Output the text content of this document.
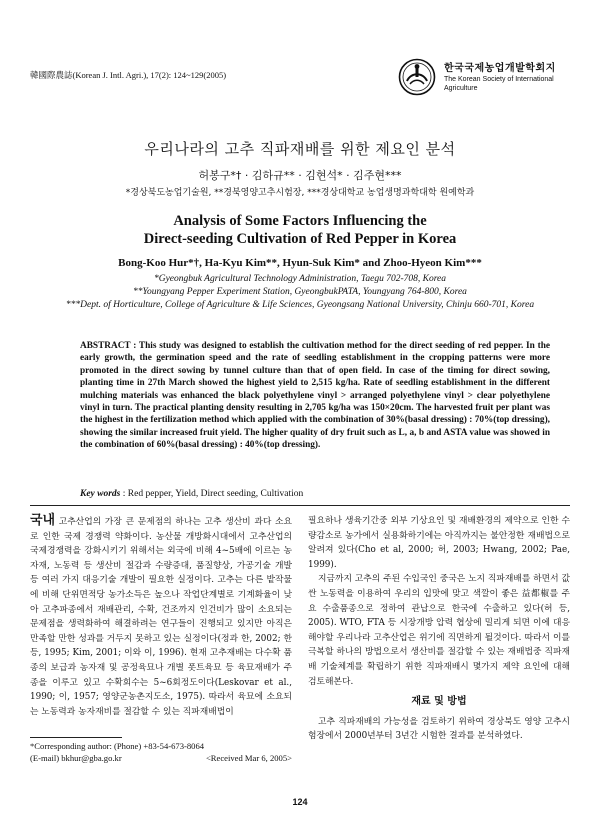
韓國際農誌(Korean J. Intl. Agri.), 17(2): 124~129(2005)
한국국제농업개발학회지
The Korean Society of International Agriculture
우리나라의 고추 직파재배를 위한 제요인 분석
허봉구*† · 김하규** · 김현석* · 김주현***
*경상북도농업기술원, **경북영양고추시험장, ***경상대학교 농업생명과학대학 원예학과
Analysis of Some Factors Influencing the
Direct-seeding Cultivation of Red Pepper in Korea
Bong-Koo Hur*†, Ha-Kyu Kim**, Hyun-Suk Kim* and Zhoo-Hyeon Kim***
*Gyeongbuk Agricultural Technology Administration, Taegu 702-708, Korea
**Youngyang Pepper Experiment Station, GyeongbukPATA, Youngyang 764-800, Korea
***Dept. of Horticulture, College of Agriculture & Life Sciences, Gyeongsang National University, Chinju 660-701, Korea
ABSTRACT : This study was designed to establish the cultivation method for the direct seeding of red pepper. In the early growth, the germination speed and the rate of seedling establishment in the cropping patterns were more promoted in the direct sowing by tunnel culture than that of open field. In case of the timing for direct sowing, planting time in 27th March showed the highest yield to 2,515 kg/ha. Rate of seedling establishment in the different mulching materials was enhanced the black polyethylene vinyl > arranged polyethylene vinyl > clear polyethylene vinyl in turn. The practical planting density resulting in 2,705 kg/ha was 150×20cm. The harvested fruit per plant was the highest in the fertilization method which applied with the combination of 30%(basal dressing) : 70%(top dressing), showing the similar increased fruit yield. The higher quality of dry fruit such as L, a, b and ASTA value was showed in the combination of 60%(basal dressing) : 40%(top dressing).
Key words : Red pepper, Yield, Direct seeding, Cultivation

국내 고추산업의 가장 큰 문제점의 하나는 고추 생산비 과다 소요로 인한 국제 경쟁력 약화이다. 농산물 개방화시대에서 고추산업의 국제경쟁력을 강화시키기 위해서는 외국에 비해 4~5배에 이르는 농자재, 노동력 등 생산비 절감과 수량증대, 품질향상, 가공기술 개발 등 여러 가지 대응기술 개발이 필요한 실정이다. 고추는 다른 밭작물에 비해 단위면적당 농가소득은 높으나 작업단계별로 기계화율이 낮아 고추파종에서 재배관리, 수확, 건조까지 인건비가 많이 소요되는 문제점을 생력화하여 해결하려는 연구들이 진행되고 있지만 아직은 만족할 만한 성과를 거두지 못하고 있는 실정이다(정과 한, 2002; 한 등, 1995; Kim, 2001; 이와 이, 1996). 현재 고추재배는 다수확 품종의 보급과 농자재 및 공정육묘나 개별 폿트육묘 등 육묘재배가 주종을 이루고 있고 수확회수는 5~6회정도이다(Leskovar et al., 1990; 이, 1957; 영양군농촌지도소, 1975). 따라서 육묘에 소요되는 노동력과 농자재비를 절감할 수 있는 직파재배법이

필요하나 생육기간중 외부 기상요인 및 재배환경의 제약으로 인한 수량감소로 농가에서 실용화하기에는 아직까지는 불안정한 재배법으로 알려져 있다(Cho et al, 2000; 허, 2003; Hwang, 2002; Pae, 1999).

지금까지 고추의 주된 수입국인 중국은 노지 직파재배를 하면서 값싼 노동력을 이용하여 우리의 입맛에 맞고 색깔이 좋은 益都椒를 주요 수출품종으로 정하여 관납으로 한국에 수출하고 있다(허 등, 2005). WTO, FTA 등 시장개방 압력 협상에 밀리게 되면 이에 대응해야할 우리나라 고추산업은 위기에 직면하게 될것이다. 따라서 이를 극복할 하나의 방법으로서 생산비를 절감할 수 있는 재배법중 직파재배 기술체계를 확립하기 위한 직파재배시 몇가지 제약 요인에 대해 검토해본다.

재료 및 방법

고추 직파재배의 가능성을 검토하기 위하여 경상북도 영양 고추시험장에서 2000년부터 3년간 시험한 결과를 분석하였다.

*Corresponding author: (Phone) +83-54-673-8064
(E-mail) bkhur@gba.go.kr	<Received Mar 6, 2005>
124
